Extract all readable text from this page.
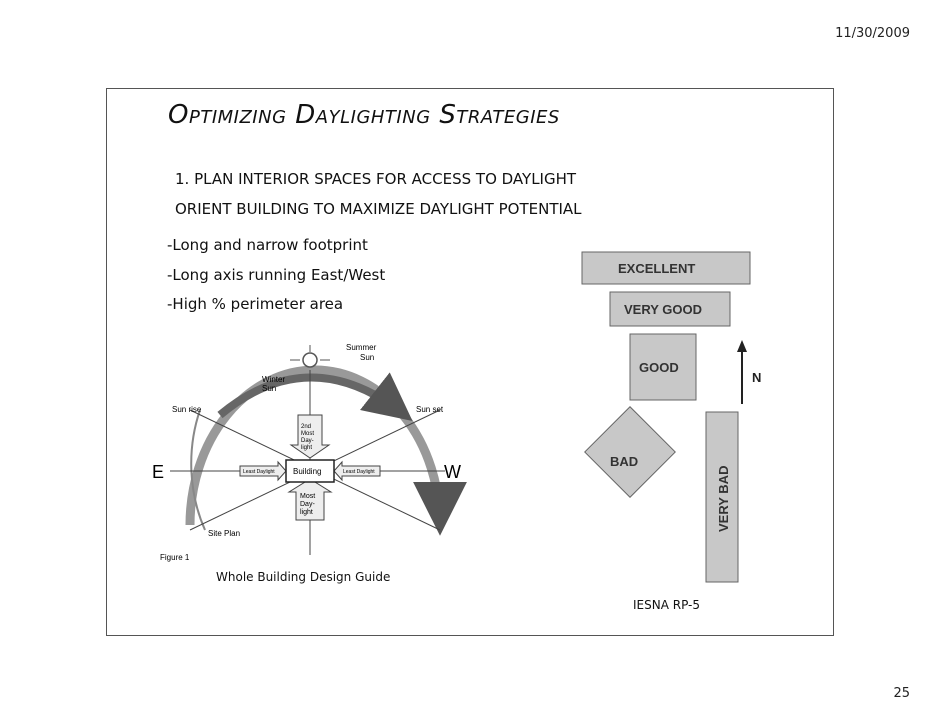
11/30/2009
Optimizing Daylighting Strategies
1. PLAN INTERIOR SPACES FOR ACCESS TO DAYLIGHT
ORIENT BUILDING TO MAXIMIZE DAYLIGHT POTENTIAL
-Long and narrow footprint
-Long axis running East/West
-High % perimeter area
Summer
Sun
Winter
Sun
Sun rise	Sun set
E	W
2nd
Most
Day-
light
Most
Day-
light
Building
Least Daylight	Least Daylight
Site Plan
Figure 1
Whole Building Design Guide
EXCELLENT
VERY GOOD
GOOD
BAD
VERY BAD
N
IESNA RP-5
25
